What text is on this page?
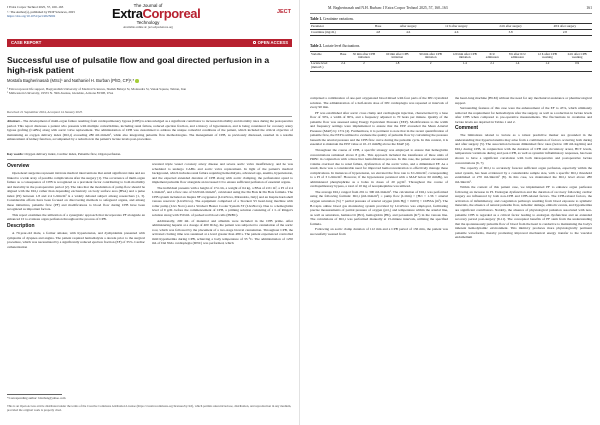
J Extra Corpor Technol 2025, 57, 160–163
© The Author(s), published by EDP Sciences, 2025
https://doi.org/10.1051/ject/2025002
The Journal of
ExtraCorporeal
Technology
Available online at: ject.edpsciences.org
JECT
CASE REPORT	OPEN ACCESS
Successful use of pulsatile flow and goal directed perfusion in a high-risk patient
Mostafa Bagherinasab (MSc)¹ and Nathaniel H. Burban (PhD, CP)²,*
¹ Extracorporeal life support, Baqiyatallah University of Medical Sciences, Sheikh Bahayi St, Molasadra St, Vanak Square, Tehran, Iran
² Midwestern University, 19555 N. 59th Avenue, Glendale, Arizona 85308, USA
Received 21 September 2024, Accepted 14 January 2025
Abstract – The development of multi-organ failure resulting from cardiopulmonary bypass (CPB) is acknowledged as a significant contributor to increased morbidity and mortality rates during the postoperative period. This report discusses a patient who presents with multiple comorbidities, including renal failure, reduced ejection fraction, and a history of hypertension, and is being considered for coronary artery bypass grafting (CABG) along with aortic valve replacement. The administration of CPB was customized to address the unique comorbid conditions of the patient, which included the critical objective of maintaining an oxygen delivery index (DO₂i) exceeding 280 mL/min/m², while also integrating pulsatile flow methodologies. The management of CPB, as previously discussed, resulted in a notable enhancement of kidney function, accompanied by a reduction in the patient's lactate levels post-procedure.
Key words: Oxygen delivery index, Cardiac index, Pulsatile flow, Organ perfusion.
Overview

Open-heart surgeries represent intricate medical interventions that entail significant risks and are linked to a wide array of possible complications after the surgery [1]. The occurrence of multi-organ failure as a consequence of CPB is recognized as a prevalent factor contributing to both morbidity and mortality in the postoperative period [2]. The idea that the modulation of pump flow should be aligned with the DO₂i rather than depending exclusively on body surface area (BSA) and a pulse index (PI) between 1.8 and 2.4 L/min/m² is a widely debated subject among researchers [1, 3]. Considerable efforts have been focused on discovering methods to safeguard organs, and among these initiatives, pulsatile flow (PF) and modifications to blood flow during CPB have been recognized as important factors.

This report examines the utilization of a synergistic approach that incorporates PF alongside an enhanced CI to evaluate organ perfusion throughout the process of CPB.

Description

A 70-year-old male, a former smoker, with hypertension, and dyslipidemia presented with symptoms of dyspnea and angina. The patient required hemodialysis a decade prior to the surgical procedure, which was necessitated by a significantly reduced ejection fraction (EF) of 35%. Cardiac catheterization

*Corresponding author: bdarban@yahoo.com
This is an Open Access article distributed under the terms of the Creative Commons Attribution License (https://creativecommons.org/licenses/by/4.0), which permits unrestricted use, distribution, and reproduction in any medium, provided the original work is properly cited.

revealed triple vessel coronary artery disease and severe aortic valve insufficiency, and he was scheduled to undergo CABG and aortic valve replacement. In light of the patient's medical background, which includes renal failure requiring hemodialysis, advanced age, anemia, hypertension, and the expected extended duration of CPB along with aortic clamping, the perfusionist opted to implement pulsatile flow alongside an increased CI to ensure sufficient perfusion of essential organs.

The individual presents with a height of 174 cm, a weight of 64 kg, a BSA of 2.01 m², a PI of 2.4 L/min/m², and a flow rate of 5220 mL/min/m², calculated using the Du Bois & Du Bois formula. The CPB system included an Inspire 8F oxygenator (LivaNova, Mirandola, Italy) and an Inspire hard-shell venous reservoir (LivaNova). The equipment comprised of a Stockert S5 heart-lung machine with roller pump (Livs Novo) and a Stöckert Heater Cooler System 3T (LivaNova). Due to a hemoglobin level of 9 g/dL before the commencement of CPB, a priming solution consisting of 1 L of Ringer's solution along with 350 mL of packed red blood cells (PRBC).

Additionally, 200 mL of mannitol and albumin were included in the CPB prime. After administering heparin at a dosage of 400 IU/kg, the patient was subjected to cannulation of the aortic root, which was followed by the placement of a two-stage bicaval cannulation. Throughout CPB, the activated clotting time was sustained at a level greater than 480 s. The patient experienced controlled mild hypothermia during CPB, achieving a body temperature of 33 °C. The administration of 1250 mL of Del Nido cardioplegia (DNC) was performed, which

M. Bagherinasab and N.H. Burban: J Extra Corpor Technol 2025, 57, 160–163	161
Table 1. Creatinine variations.
Parameter	Base	After surgery	12 h after surgery	24 h after surgery	48 h after surgery
Creatinine (mg/dL)	4.8	4.6	4.6	3.8	2.8
Table 2. Lactate level fluctuations.
Variable	Base	30 min after CPB initiation	60 min after CPB initiation	90 min after CPB initiation	120 min after CPB initiation	ICU admission	8 h after ICU admission	12 h after CPB weaning	24 h after CPB weaning
Lactate level (mmol/L)	2.4	2	1.8	2	1.4	2.1	1.4	1.2	0.9

comprised a combination of one-part oxygenated blood mixed with four parts of the DN crystalloid solution. The administration of a half-strain dose of DN cardioplegia was repeated at intervals of every 90 min.

PF was established after aortic cross clamp and cardioplegia injection, characterized by a base flow of 30%, a width of 90%, and a frequency adjusted to 70 beats per minute. Quality of the pulsatile flow was assessed using Energy Equivalent Pressure (EEP). Modifications to the width and frequency settings were implemented to ensure that the EEP exceeded the Mean Arterial Pressure (MAP) by 15% [4]. Furthermore, it is pertinent to note that in the recent quantification of pulsatile flow, the EEP is utilized to evaluate the quality of pulsatile flow by calculating the pressure beneath the arterial pressure and the CPB flow curve during the pulsatile cycle. In this context, it is essential to maintain the EEP value at 10–15 mmHg above the MAP [4].

Throughout the course of CPB, a specific strategy was employed to ensure that hemoglobin concentrations remained above 8 g/dL. This approach included the transfusion of three units of PRBC in conjunction with a three liter hemofiltration process. In this case, the patient encountered volume overload due to renal failure, dysfunction of the aortic valve, and a diminished EF. As a result, there was a considerable need for improved hemoconcentration to effectively manage these complications. In instances of hypotension, we elevated the flow rate to 6 L/min/m², corresponding to a PI of 3 L/min/m². However, if the hypotension persisted with a MAP below 60 mmHg, we administered phenylephrine as a bolus in doses of 20 µg/m². Throughout the course of cardiopulmonary bypass, a total of 10 mg of norepinephrine was utilized.

The average DO₂i ranged from 291 to 300 mL/min/m². The calculation of DO₂i was performed using the following formula: DO₂i (mL/min/m²) = pump flow (L/min) × [Hct × 1.36 × arterial oxygen saturation (%) + partial pressure of arterial oxygen (mm Hg) × 0.003] × 10/BSA (m²). The B-Capta online blood gas monitoring system provided by LivaNova was employed, facilitating precise measurements of partial pressure of oxygen (pO₂) and temperature within the arterial line, as well as saturation, hematocrit (Hct), hemoglobin (Hb), and potassium (K⁺) in the venous line. The calculations of DO₂i was performed manually at 15-minute intervals, utilizing the specified formula.

Following an aortic clamp duration of 112 min and a CPB period of 136 min, the patient was successfully weaned from

the heart-lung machine (HLM) without the need for any mechanical assistance or pharmacological support.

Surrounding features of this case were the enhancement of the EF to 45%, which ultimately removed the requirement for hemodialysis after the surgery, as well as a reduction in lactate levels after CPB when compared to pre-operative measurements. The fluctuations in creatinine and lactate levels are depicted in Tables 1 and 2.

Comment

The limitations related to lactate as a robust predictive marker are grounded in the understanding that hyperlactatemia may arise from a combination of factors occurring both during and after surgery [5]. The association between diminished flow rates (below 100 mL/kg/min) and DO₂i during CPB, in conjunction with the duration of CPB and circulatory arrest, HCT levels, temperature variations during and post-CPB, as well as systemic inflammatory responses, has been shown to have a significant correlation with both intraoperative and postoperative lactate concentrations [6, 7].

The capacity of DO₂i to accurately forecast sufficient organ perfusion, especially within the renal system, has been evidenced by a considerable sample size, with a specific DO₂i threshold established at 270 mL/min/m² [8]. In this case, we maintained the DO₂i level above 280 mL/min/m².

Within the context of this patient case, we implemented PF to enhance organ perfusion following an increase in PI. Endorgan dysfunction and the duration of recovery following cardiac surgery are influenced by both non-CPB and CPB-related factors. The CPB-related factors, the activation of inflammatory, and coagulation pathways resulting from blood exposure to synthetic materials, the absence of natural pulsatile flow, ischemic damage, embolic events, and hypothermia are significant contributors. Notably, the absence of physiological pulsation associated with non-pulsatile CPB is regarded as a critical factor leading to endorgan dysfunction and an extended recovery period post-surgery [9-11]. The conceptual benefits of PF stem from the understanding that the spontaneously pulsatile flow of blood from the heart is conducive to maintaining the body's inherent hemodynamic environment. This mimicry produces more physiologically pertinent pulsatile waveforms, thereby promoting improved mechanical energy transfer to the vascular endothelium
